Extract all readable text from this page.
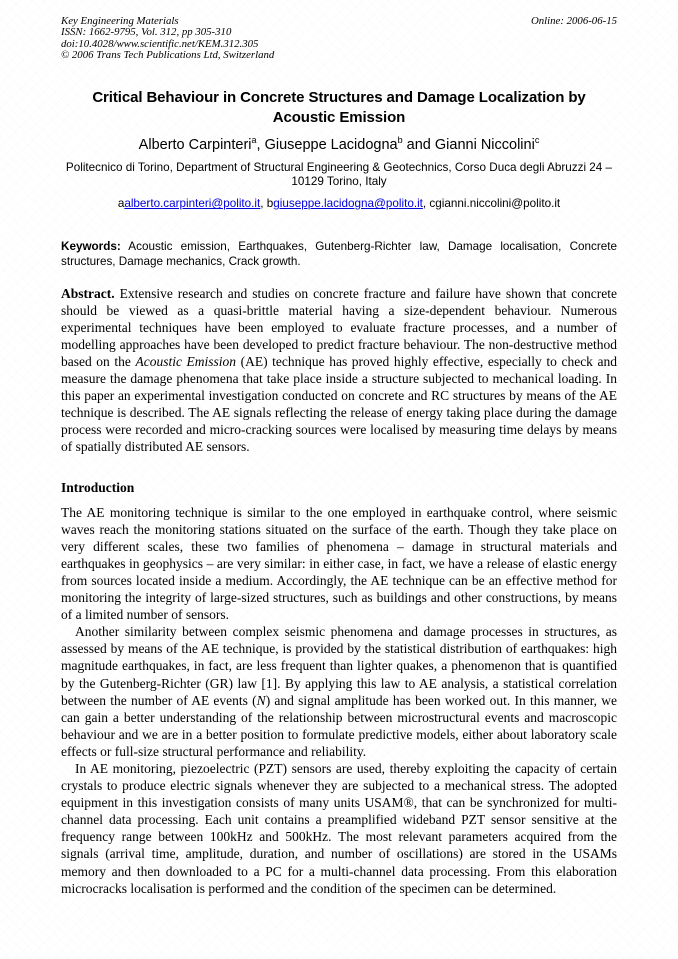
Key Engineering Materials
ISSN: 1662-9795, Vol. 312, pp 305-310
doi:10.4028/www.scientific.net/KEM.312.305
© 2006 Trans Tech Publications Ltd, Switzerland
Online: 2006-06-15
Critical Behaviour in Concrete Structures and Damage Localization by Acoustic Emission
Alberto Carpinteri$^a$, Giuseppe Lacidogna$^b$ and Gianni Niccolini$^c$
Politecnico di Torino, Department of Structural Engineering & Geotechnics, Corso Duca degli Abruzzi 24 – 10129 Torino, Italy
aalberto.carpinteri@polito.it, bgiuseppe.lacidogna@polito.it, cgianni.niccolini@polito.it

Keywords: Acoustic emission, Earthquakes, Gutenberg-Richter law, Damage localisation, Concrete structures, Damage mechanics, Crack growth.

Abstract. Extensive research and studies on concrete fracture and failure have shown that concrete should be viewed as a quasi-brittle material having a size-dependent behaviour. Numerous experimental techniques have been employed to evaluate fracture processes, and a number of modelling approaches have been developed to predict fracture behaviour. The non-destructive method based on the Acoustic Emission (AE) technique has proved highly effective, especially to check and measure the damage phenomena that take place inside a structure subjected to mechanical loading. In this paper an experimental investigation conducted on concrete and RC structures by means of the AE technique is described. The AE signals reflecting the release of energy taking place during the damage process were recorded and micro-cracking sources were localised by measuring time delays by means of spatially distributed AE sensors.

Introduction

The AE monitoring technique is similar to the one employed in earthquake control, where seismic waves reach the monitoring stations situated on the surface of the earth. Though they take place on very different scales, these two families of phenomena – damage in structural materials and earthquakes in geophysics – are very similar: in either case, in fact, we have a release of elastic energy from sources located inside a medium. Accordingly, the AE technique can be an effective method for monitoring the integrity of large-sized structures, such as buildings and other constructions, by means of a limited number of sensors.

Another similarity between complex seismic phenomena and damage processes in structures, as assessed by means of the AE technique, is provided by the statistical distribution of earthquakes: high magnitude earthquakes, in fact, are less frequent than lighter quakes, a phenomenon that is quantified by the Gutenberg-Richter (GR) law [1]. By applying this law to AE analysis, a statistical correlation between the number of AE events (N) and signal amplitude has been worked out. In this manner, we can gain a better understanding of the relationship between microstructural events and macroscopic behaviour and we are in a better position to formulate predictive models, either about laboratory scale effects or full-size structural performance and reliability.

In AE monitoring, piezoelectric (PZT) sensors are used, thereby exploiting the capacity of certain crystals to produce electric signals whenever they are subjected to a mechanical stress. The adopted equipment in this investigation consists of many units USAM®, that can be synchronized for multi-channel data processing. Each unit contains a preamplified wideband PZT sensor sensitive at the frequency range between 100kHz and 500kHz. The most relevant parameters acquired from the signals (arrival time, amplitude, duration, and number of oscillations) are stored in the USAMs memory and then downloaded to a PC for a multi-channel data processing. From this elaboration microcracks localisation is performed and the condition of the specimen can be determined.
